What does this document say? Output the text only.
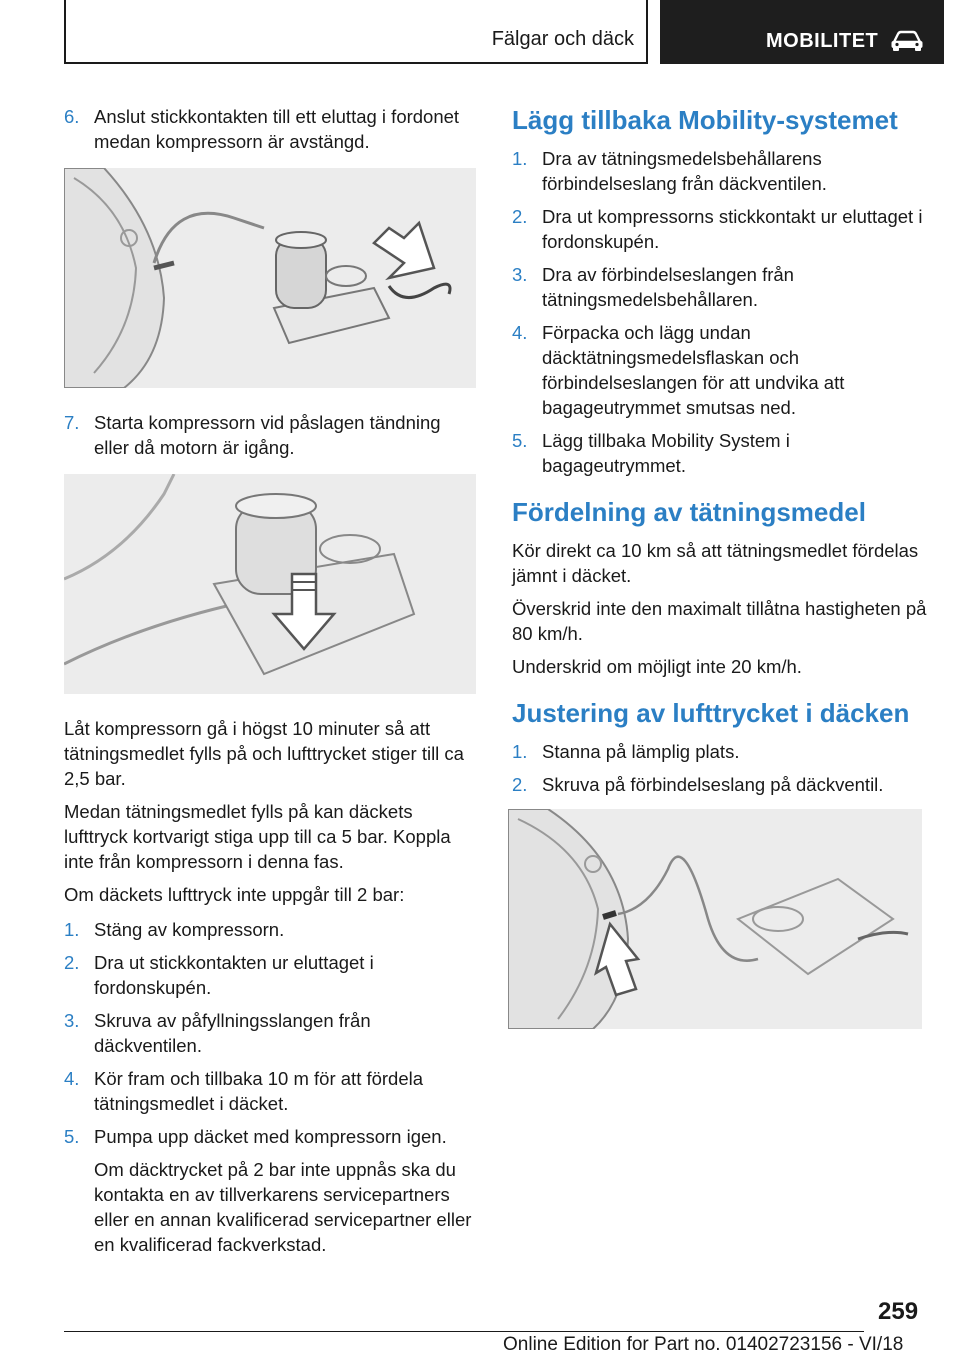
Fälgar och däck	MOBILITET
6. Anslut stickkontakten till ett eluttag i fordonet medan kompressorn är avstängd.
7. Starta kompressorn vid påslagen tändning eller då motorn är igång.

Låt kompressorn gå i högst 10 minuter så att tätningsmedlet fylls på och lufttrycket stiger till ca 2,5 bar.

Medan tätningsmedlet fylls på kan däckets lufttryck kortvarigt stiga upp till ca 5 bar. Koppla inte från kompressorn i denna fas.

Om däckets lufttryck inte uppgår till 2 bar:

1. Stäng av kompressorn.
2. Dra ut stickkontakten ur eluttaget i fordonskupén.
3. Skruva av påfyllningsslangen från däckventilen.
4. Kör fram och tillbaka 10 m för att fördela tätningsmedlet i däcket.
5. Pumpa upp däcket med kompressorn igen.

Om däcktrycket på 2 bar inte uppnås ska du kontakta en av tillverkarens servicepartners eller en annan kvalificerad servicepartner eller en kvalificerad fackverkstad.

Lägg tillbaka Mobility-systemet
1. Dra av tätningsmedelsbehållarens förbindelseslang från däckventilen.
2. Dra ut kompressorns stickkontakt ur eluttaget i fordonskupén.
3. Dra av förbindelseslangen från tätningsmedelsbehållaren.
4. Förpacka och lägg undan däcktätningsmedelsflaskan och förbindelseslangen för att undvika att bagageutrymmet smutsas ned.
5. Lägg tillbaka Mobility System i bagageutrymmet.
Fördelning av tätningsmedel

Kör direkt ca 10 km så att tätningsmedlet fördelas jämnt i däcket.

Överskrid inte den maximalt tillåtna hastigheten på 80 km/h.

Underskrid om möjligt inte 20 km/h.

Justering av lufttrycket i däcken
1. Stanna på lämplig plats.
2. Skruva på förbindelseslang på däckventil.
259
Online Edition for Part no. 01402723156 - VI/18
